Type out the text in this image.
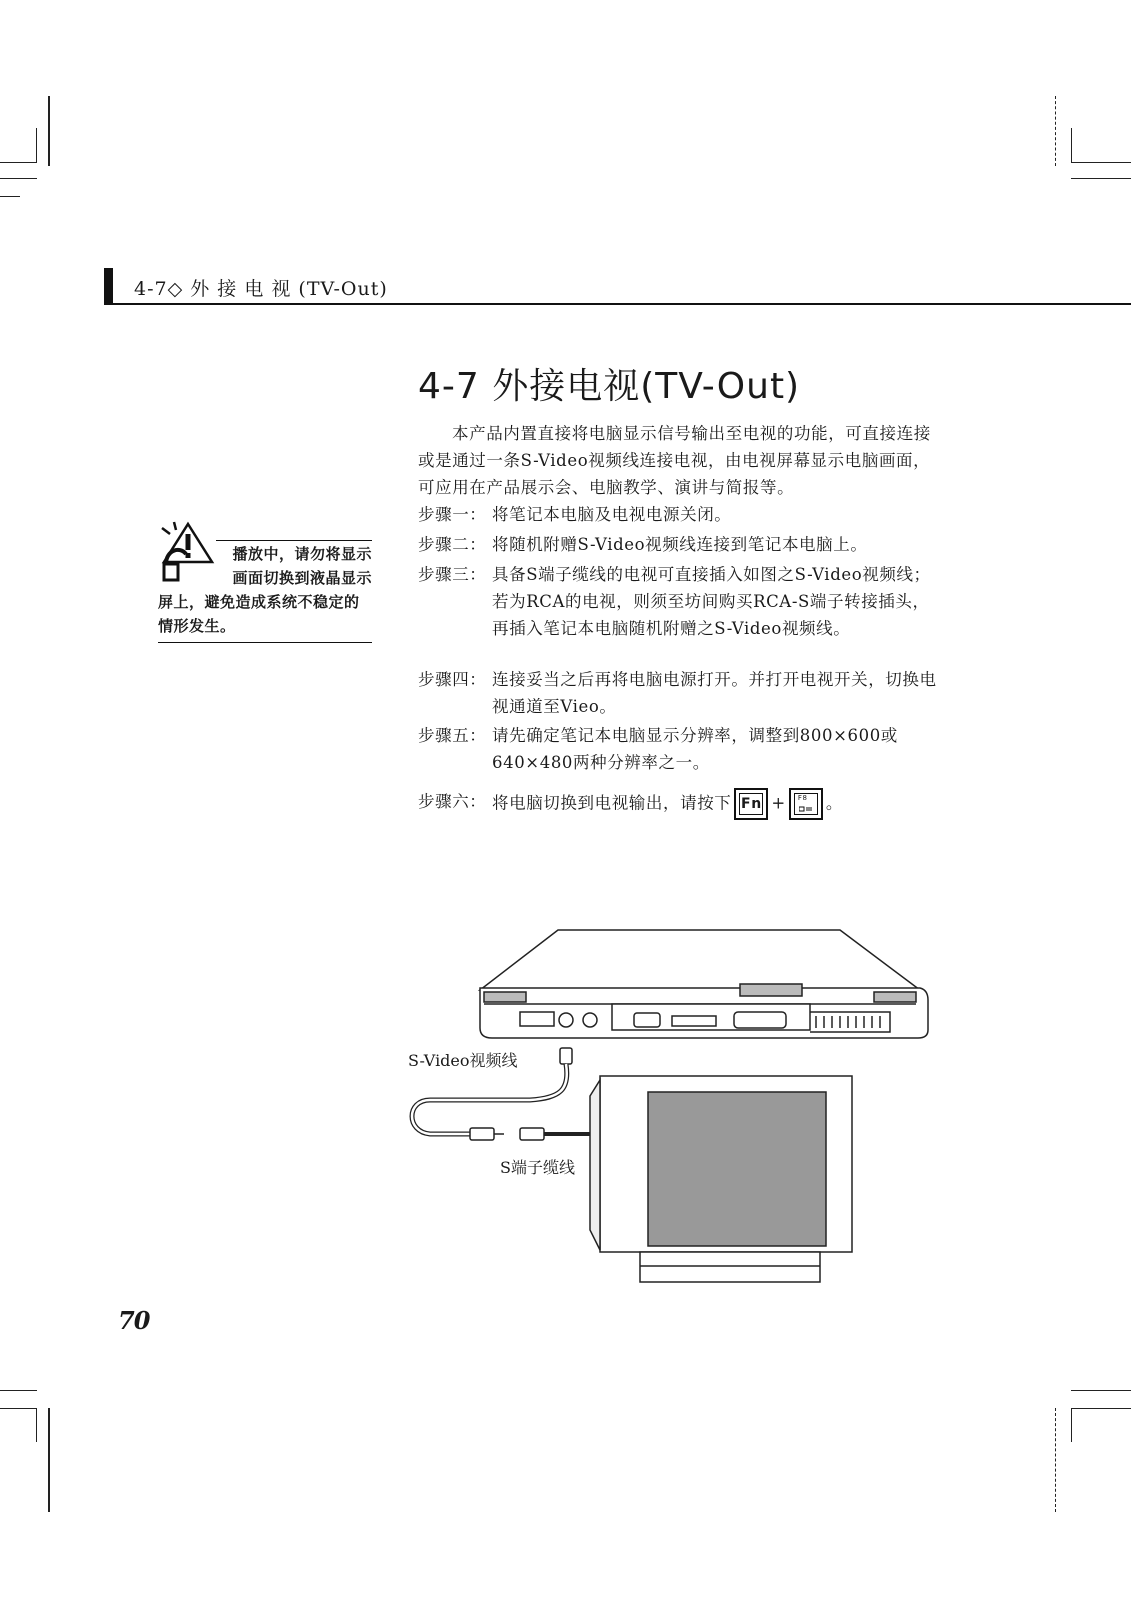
4-7◇ 外 接 电 视 (TV-Out)
4-7 外接电视(TV-Out)
本产品内置直接将电脑显示信号输出至电视的功能，可直接连接或是通过一条S-Video视频线连接电视，由电视屏幕显示电脑画面，可应用在产品展示会、电脑教学、演讲与简报等。
步骤一： 将笔记本电脑及电视电源关闭。
步骤二： 将随机附赠S-Video视频线连接到笔记本电脑上。
步骤三： 具备S端子缆线的电视可直接插入如图之S-Video视频线；若为RCA的电视，则须至坊间购买RCA-S端子转接插头，再插入笔记本电脑随机附赠之S-Video视频线。
步骤四： 连接妥当之后再将电脑电源打开。并打开电视开关，切换电视通道至Vieo。
步骤五： 请先确定笔记本电脑显示分辨率，调整到800×600或640×480两种分辨率之一。
步骤六： 将电脑切换到电视输出，请按下 Fn + F8 。
播放中，请勿将显示
画面切换到液晶显示
屏上，避免造成系统不稳定的情形发生。
S-Video视频线
S端子缆线
70
